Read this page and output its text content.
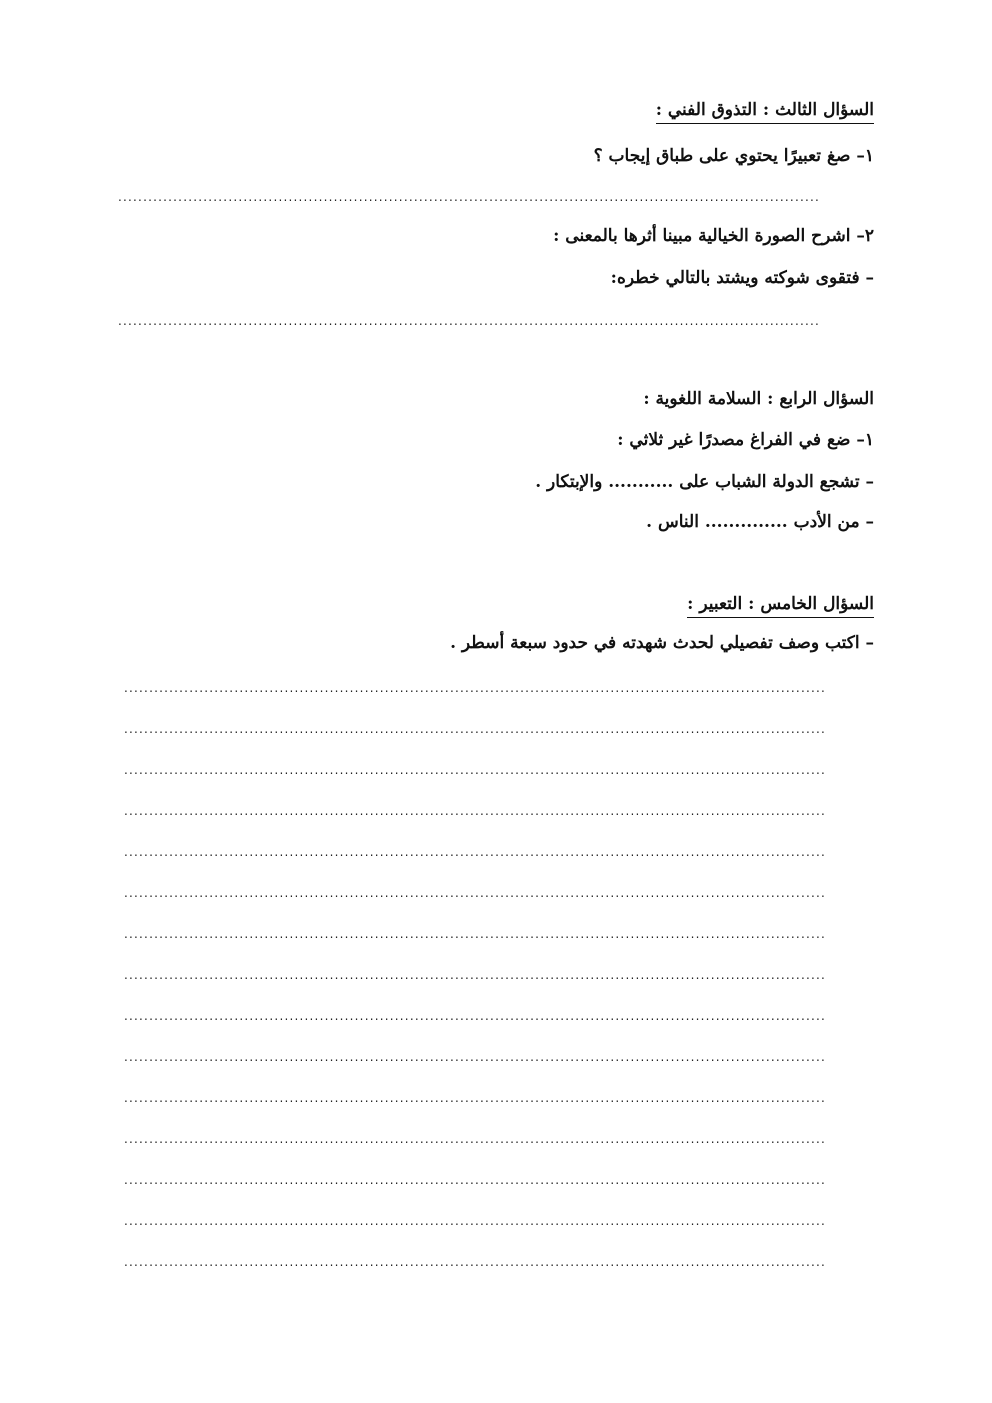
السؤال الثالث : التذوق الفني :
١– صغ تعبيرًا يحتوي على طباق إيجاب ؟
............................................................................................................................................
٢– اشرح الصورة الخيالية مبينا أثرها بالمعنى :
– فتقوى شوكته ويشتد بالتالي خطره:
............................................................................................................................................
السؤال الرابع : السلامة اللغوية :
١– ضع في الفراغ مصدرًا غير ثلاثي :
– تشجع الدولة الشباب على ........... والإبتكار .
– من الأدب .............. الناس .
السؤال الخامس : التعبير :
– اكتب وصف تفصيلي لحدث شهدته في حدود سبعة أسطر .
............................................................................................................................................
............................................................................................................................................
............................................................................................................................................
............................................................................................................................................
............................................................................................................................................
............................................................................................................................................
............................................................................................................................................
............................................................................................................................................
............................................................................................................................................
............................................................................................................................................
............................................................................................................................................
............................................................................................................................................
............................................................................................................................................
............................................................................................................................................
............................................................................................................................................
